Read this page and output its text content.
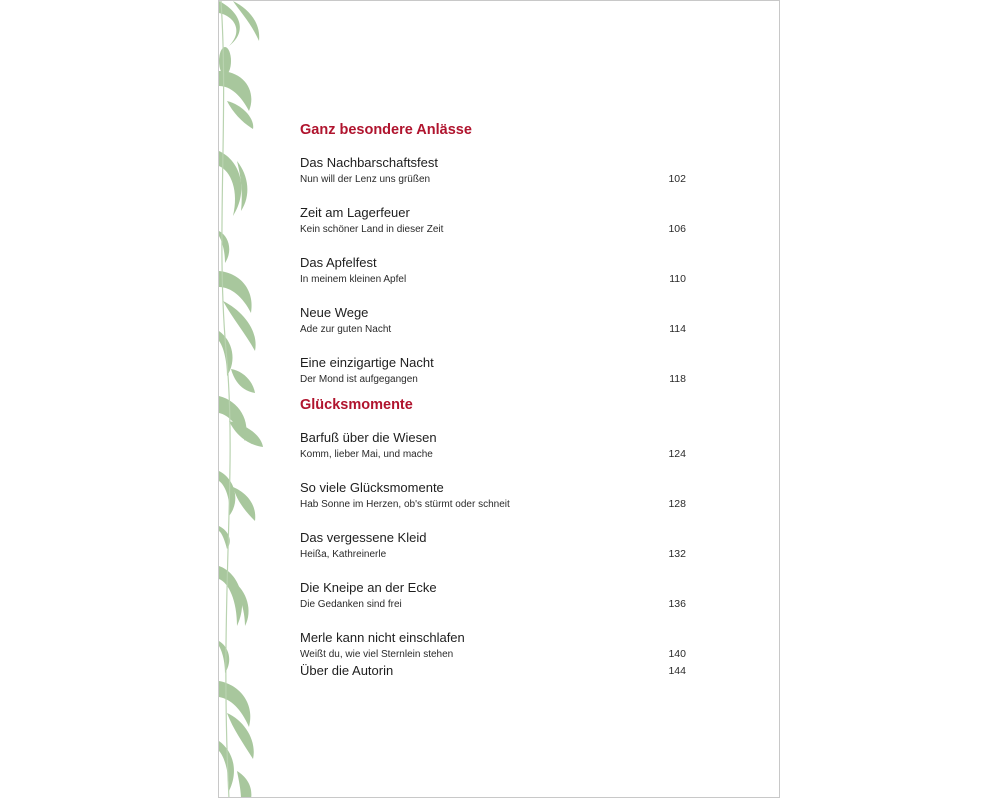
Ganz besondere Anlässe
Das Nachbarschaftsfest
Nun will der Lenz uns grüßen	102
Zeit am Lagerfeuer
Kein schöner Land in dieser Zeit	106
Das Apfelfest
In meinem kleinen Apfel	110
Neue Wege
Ade zur guten Nacht	114
Eine einzigartige Nacht
Der Mond ist aufgegangen	118
Glücksmomente
Barfuß über die Wiesen
Komm, lieber Mai, und mache	124
So viele Glücksmomente
Hab Sonne im Herzen, ob's stürmt oder schneit	128
Das vergessene Kleid
Heißa, Kathreinerle	132
Die Kneipe an der Ecke
Die Gedanken sind frei	136
Merle kann nicht einschlafen
Weißt du, wie viel Sternlein stehen	140
Über die Autorin	144
